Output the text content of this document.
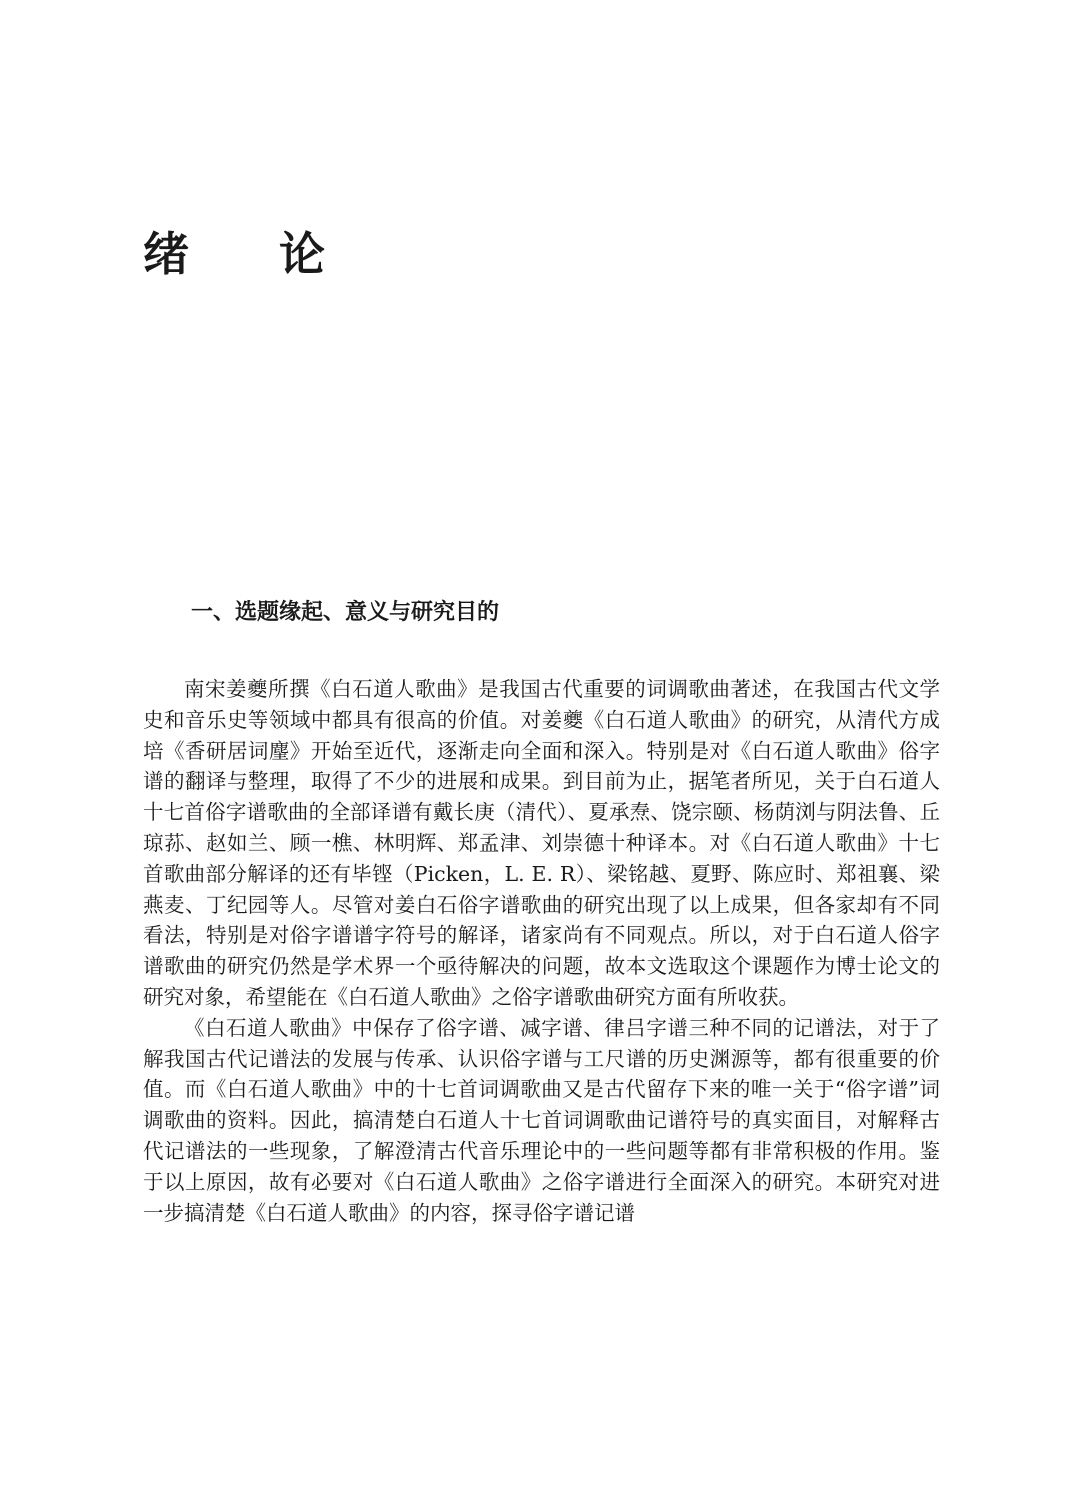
绪 论
一、选题缘起、意义与研究目的

南宋姜夔所撰《白石道人歌曲》是我国古代重要的词调歌曲著述，在我国古代文学史和音乐史等领域中都具有很高的价值。对姜夔《白石道人歌曲》的研究，从清代方成培《香研居词麈》开始至近代，逐渐走向全面和深入。特别是对《白石道人歌曲》俗字谱的翻译与整理，取得了不少的进展和成果。到目前为止，据笔者所见，关于白石道人十七首俗字谱歌曲的全部译谱有戴长庚（清代）、夏承焘、饶宗颐、杨荫浏与阴法鲁、丘琼荪、赵如兰、顾一樵、林明辉、郑孟津、刘崇德十种译本。对《白石道人歌曲》十七首歌曲部分解译的还有毕铿（Picken，L. E. R）、梁铭越、夏野、陈应时、郑祖襄、梁燕麦、丁纪园等人。尽管对姜白石俗字谱歌曲的研究出现了以上成果，但各家却有不同看法，特别是对俗字谱谱字符号的解译，诸家尚有不同观点。所以，对于白石道人俗字谱歌曲的研究仍然是学术界一个亟待解决的问题，故本文选取这个课题作为博士论文的研究对象，希望能在《白石道人歌曲》之俗字谱歌曲研究方面有所收获。

《白石道人歌曲》中保存了俗字谱、减字谱、律吕字谱三种不同的记谱法，对于了解我国古代记谱法的发展与传承、认识俗字谱与工尺谱的历史渊源等，都有很重要的价值。而《白石道人歌曲》中的十七首词调歌曲又是古代留存下来的唯一关于“俗字谱”词调歌曲的资料。因此，搞清楚白石道人十七首词调歌曲记谱符号的真实面目，对解释古代记谱法的一些现象，了解澄清古代音乐理论中的一些问题等都有非常积极的作用。鉴于以上原因，故有必要对《白石道人歌曲》之俗字谱进行全面深入的研究。本研究对进一步搞清楚《白石道人歌曲》的内容，探寻俗字谱记谱
